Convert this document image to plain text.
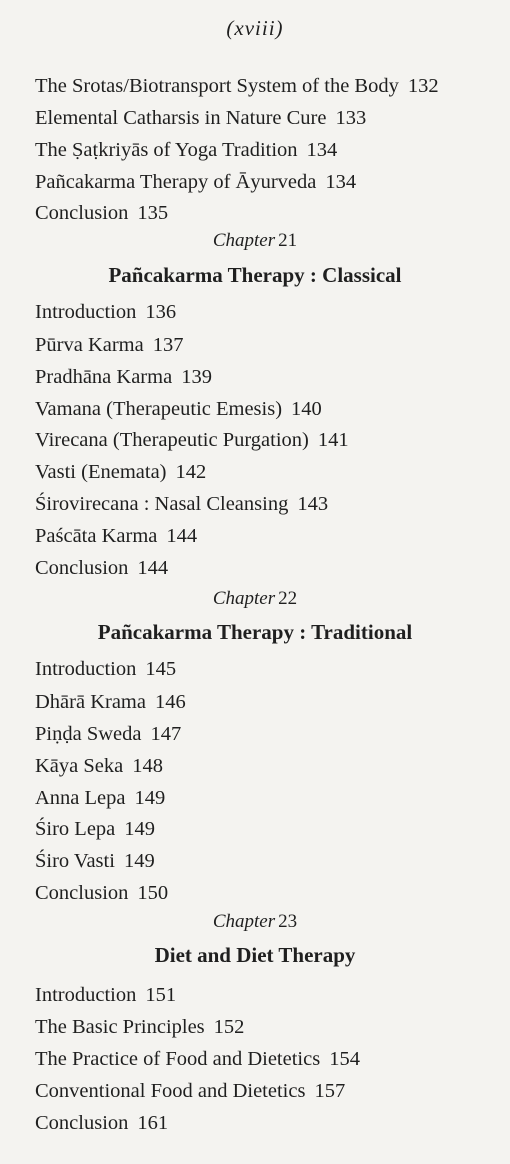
(xviii)
The Srotas/Biotransport System of the Body 132
Elemental Catharsis in Nature Cure 133
The Ṣaṭkriyās of Yoga Tradition 134
Pañcakarma Therapy of Āyurveda 134
Conclusion 135
Chapter 21
Pañcakarma Therapy : Classical
Introduction 136
Pūrva Karma 137
Pradhāna Karma 139
Vamana (Therapeutic Emesis) 140
Virecana (Therapeutic Purgation) 141
Vasti (Enemata) 142
Śirovirecana : Nasal Cleansing 143
Paścāta Karma 144
Conclusion 144
Chapter 22
Pañcakarma Therapy : Traditional
Introduction 145
Dhārā Krama 146
Piṇḍa Sweda 147
Kāya Seka 148
Anna Lepa 149
Śiro Lepa 149
Śiro Vasti 149
Conclusion 150
Chapter 23
Diet and Diet Therapy
Introduction 151
The Basic Principles 152
The Practice of Food and Dietetics 154
Conventional Food and Dietetics 157
Conclusion 161
